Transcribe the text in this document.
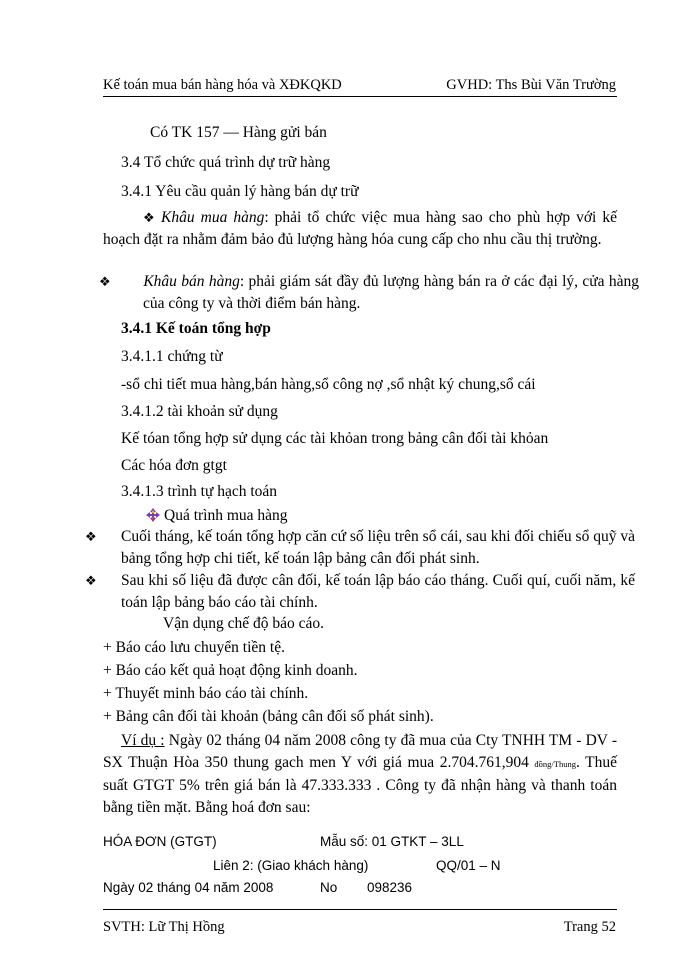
Kế toán mua bán hàng hóa và XĐKQKD	GVHD: Ths Bùi Văn Trường
Có TK 157 — Hàng gửi bán
3.4 Tổ chức quá trình dự trữ hàng
3.4.1 Yêu cầu quản lý hàng bán dự trữ
❖ Khâu mua hàng: phải tổ chức việc mua hàng sao cho phù hợp với kế hoạch đặt ra nhằm đảm bảo đủ lượng hàng hóa cung cấp cho nhu cầu thị trường.
❖ Khâu bán hàng: phải giám sát đầy đủ lượng hàng bán ra ở các đại lý, cửa hàng của công ty và thời điểm bán hàng.
3.4.1 Kế toán tổng hợp
3.4.1.1 chứng từ
-sổ chi tiết mua hàng,bán hàng,sổ công nợ ,sổ nhật ký chung,sổ cái
3.4.1.2 tài khoản sử dụng
Kế tóan tổng hợp sử dụng các tài khỏan trong bảng cân đối tài khỏan
Các hóa đơn gtgt
3.4.1.3 trình tự hạch toán
Quá trình mua hàng
❖ Cuối tháng, kế toán tổng hợp căn cứ số liệu trên sổ cái, sau khi đối chiếu sổ quỹ và bảng tổng hợp chi tiết, kế toán lập bảng cân đối phát sinh.
❖ Sau khi số liệu đã được cân đối, kế toán lập báo cáo tháng. Cuối quí, cuối năm, kế toán lập bảng báo cáo tài chính.
Vận dụng chế độ báo cáo.
+ Báo cáo lưu chuyển tiền tệ.
+ Báo cáo kết quả hoạt động kinh doanh.
+ Thuyết minh báo cáo tài chính.
+ Bảng cân đối tài khoản (bảng cân đối số phát sinh).
Ví dụ : Ngày 02 tháng 04 năm 2008 công ty đã mua của Cty TNHH TM - DV - SX Thuận Hòa 350 thung gach men Y với giá mua 2.704.761,904 đồng/Thung. Thuế suất GTGT 5% trên giá bán là 47.333.333 . Công ty đã nhận hàng và thanh toán bằng tiền mặt. Bằng hoá đơn sau:
HÓA ĐƠN (GTGT)	Mẫu số: 01 GTKT – 3LL
Liên 2: (Giao khách hàng)	QQ/01 – N
Ngày 02 tháng 04 năm 2008	No 098236
SVTH: Lữ Thị Hồng	Trang 52
